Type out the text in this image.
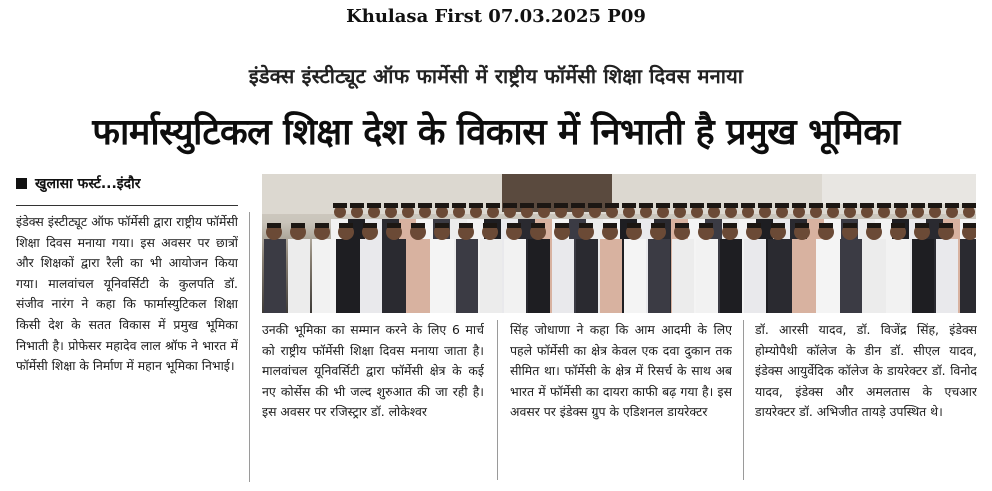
Khulasa First 07.03.2025 P09
इंडेक्स इंस्टीट्यूट ऑफ फार्मेसी में राष्ट्रीय फॉर्मेसी शिक्षा दिवस मनाया
फार्मास्युटिकल शिक्षा देश के विकास में निभाती है प्रमुख भूमिका
खुलासा फर्स्ट...इंदौर
इंडेक्स इंस्टीट्यूट ऑफ फॉर्मेसी द्वारा राष्ट्रीय फॉर्मेसी शिक्षा दिवस मनाया गया। इस अवसर पर छात्रों और शिक्षकों द्वारा रैली का भी आयोजन किया गया। मालवांचल यूनिवर्सिटी के कुलपति डॉ. संजीव नारंग ने कहा कि फार्मास्युटिकल शिक्षा किसी देश के सतत विकास में प्रमुख भूमिका निभाती है। प्रोफेसर महादेव लाल श्रॉफ ने भारत में फॉर्मेसी शिक्षा के निर्माण में महान भूमिका निभाई।
उनकी भूमिका का सम्मान करने के लिए 6 मार्च को राष्ट्रीय फॉर्मेसी शिक्षा दिवस मनाया जाता है। मालवांचल यूनिवर्सिटी द्वारा फॉर्मेसी क्षेत्र के कई नए कोर्सेस की भी जल्द शुरुआत की जा रही है। इस अवसर पर रजिस्ट्रार डॉ. लोकेश्वर
सिंह जोधाणा ने कहा कि आम आदमी के लिए पहले फॉर्मेसी का क्षेत्र केवल एक दवा दुकान तक सीमित था। फॉर्मेसी के क्षेत्र में रिसर्च के साथ अब भारत में फॉर्मेसी का दायरा काफी बढ़ गया है। इस अवसर पर इंडेक्स ग्रुप के एडिशनल डायरेक्टर
डॉ. आरसी यादव, डॉ. विजेंद्र सिंह, इंडेक्स होम्योपैथी कॉलेज के डीन डॉ. सीएल यादव, इंडेक्स आयुर्वेदिक कॉलेज के डायरेक्टर डॉ. विनोद यादव, इंडेक्स और अमलतास के एचआर डायरेक्टर डॉ. अभिजीत तायड़े उपस्थित थे।
